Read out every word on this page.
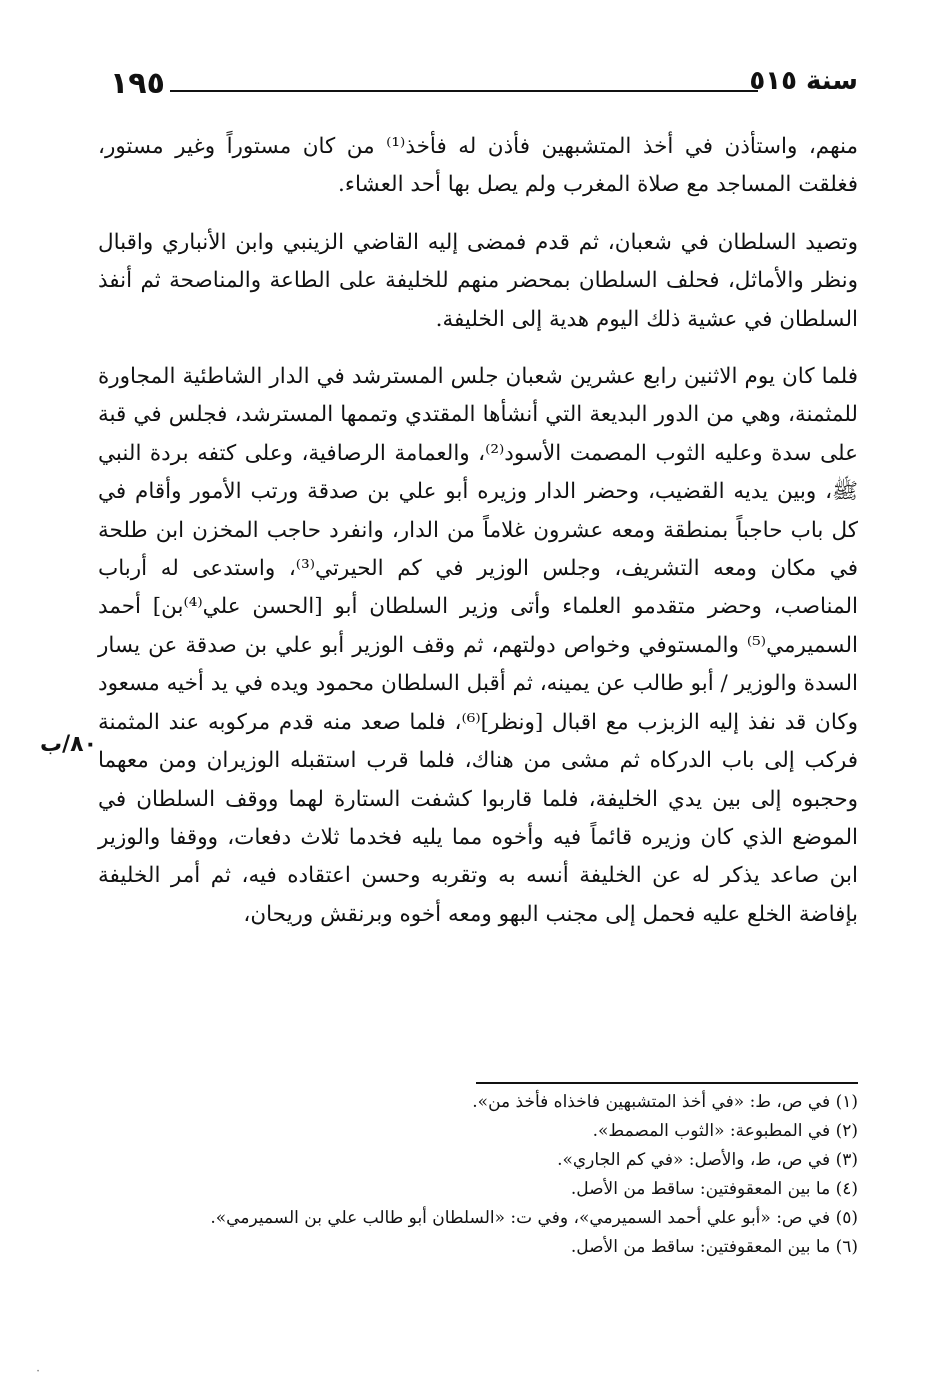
١٩٥	سنة ٥١٥

منهم، واستأذن في أخذ المتشبهين فأذن له فأخذ⁽¹⁾ من كان مستوراً وغير مستور، فغلقت المساجد مع صلاة المغرب ولم يصل بها أحد العشاء.

وتصيد السلطان في شعبان، ثم قدم فمضى إليه القاضي الزينبي وابن الأنباري واقبال ونظر والأماثل، فحلف السلطان بمحضر منهم للخليفة على الطاعة والمناصحة ثم أنفذ السلطان في عشية ذلك اليوم هدية إلى الخليفة.

فلما كان يوم الاثنين رابع عشرين شعبان جلس المسترشد في الدار الشاطئية المجاورة للمثمنة، وهي من الدور البديعة التي أنشأها المقتدي وتممها المسترشد، فجلس في قبة على سدة وعليه الثوب المصمت الأسود⁽²⁾، والعمامة الرصافية، وعلى كتفه بردة النبي ﷺ، وبين يديه القضيب، وحضر الدار وزيره أبو علي بن صدقة ورتب الأمور وأقام في كل باب حاجباً بمنطقة ومعه عشرون غلاماً من الدار، وانفرد حاجب المخزن ابن طلحة في مكان ومعه التشريف، وجلس الوزير في كم الحيرتي⁽³⁾، واستدعى له أرباب المناصب، وحضر متقدمو العلماء وأتى وزير السلطان أبو [الحسن علي⁽⁴⁾بن] أحمد السميرمي⁽⁵⁾ والمستوفي وخواص دولتهم، ثم وقف الوزير أبو علي بن صدقة عن يسار السدة والوزير / أبو طالب عن يمينه، ثم أقبل السلطان محمود ويده في يد أخيه مسعود وكان قد نفذ إليه الزبزب مع اقبال [ونظر]⁽⁶⁾، فلما صعد منه قدم مركوبه عند المثمنة فركب إلى باب الدركاه ثم مشى من هناك، فلما قرب استقبله الوزيران ومن معهما وحجبوه إلى بين يدي الخليفة، فلما قاربوا كشفت الستارة لهما ووقف السلطان في الموضع الذي كان وزيره قائماً فيه وأخوه مما يليه فخدما ثلاث دفعات، ووقفا والوزير ابن صاعد يذكر له عن الخليفة أنسه به وتقربه وحسن اعتقاده فيه، ثم أمر الخليفة بإفاضة الخلع عليه فحمل إلى مجنب البهو ومعه أخوه وبرنقش وريحان،

٨٠/ب
(١) في ص، ط: «في أخذ المتشبهين فاخذاه فأخذ من».
(٢) في المطبوعة: «الثوب المصمط».
(٣) في ص، ط، والأصل: «في كم الجاري».
(٤) ما بين المعقوفتين: ساقط من الأصل.
(٥) في ص: «أبو علي أحمد السميرمي»، وفي ت: «السلطان أبو طالب علي بن السميرمي».
(٦) ما بين المعقوفتين: ساقط من الأصل.
·
